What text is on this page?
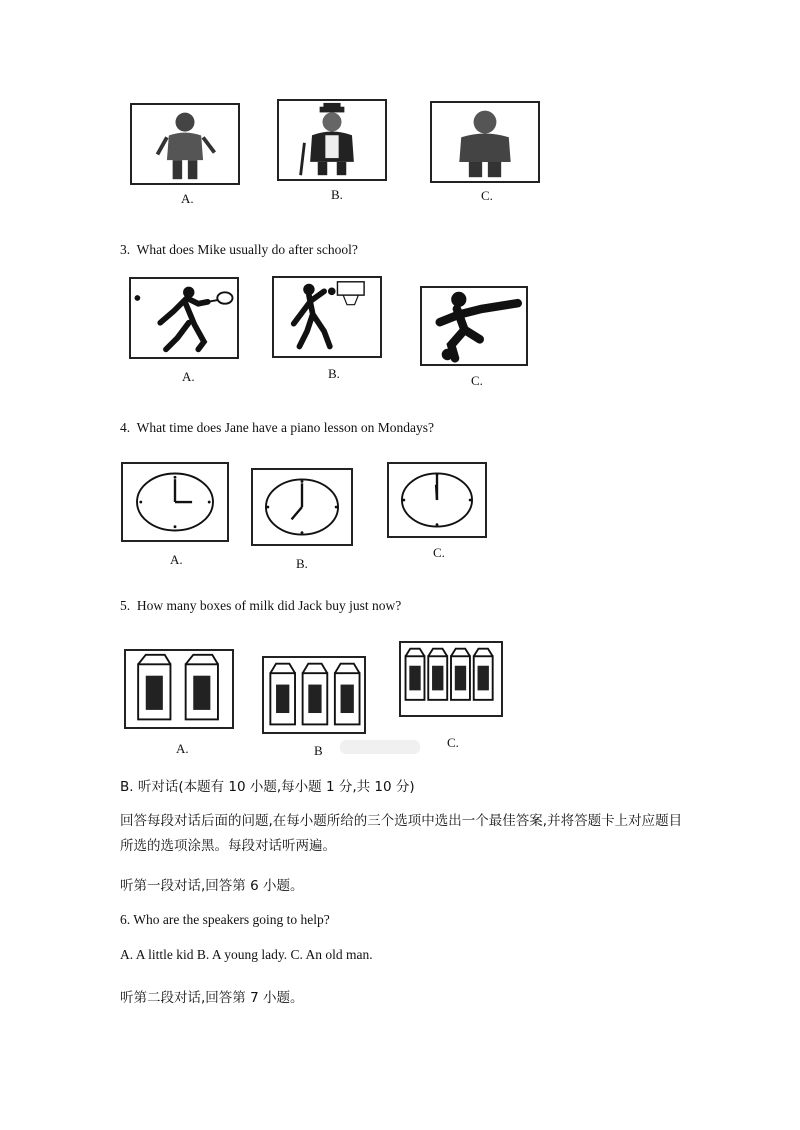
A.	B.	C.
3. What does Mike usually do after school?
A.	B.	C.
4. What time does Jane have a piano lesson on Mondays?
A.	B.
C.
5. How many boxes of milk did Jack buy just now?
A.	B
C.
B. 听对话(本题有 10 小题,每小题 1 分,共 10 分)
回答每段对话后面的问题,在每小题所给的三个选项中选出一个最佳答案,并将答题卡上对应题目所选的选项涂黑。每段对话听两遍。
听第一段对话,回答第 6 小题。
6. Who are the speakers going to help?
A. A little kid B. A young lady. C. An old man.
听第二段对话,回答第 7 小题。
